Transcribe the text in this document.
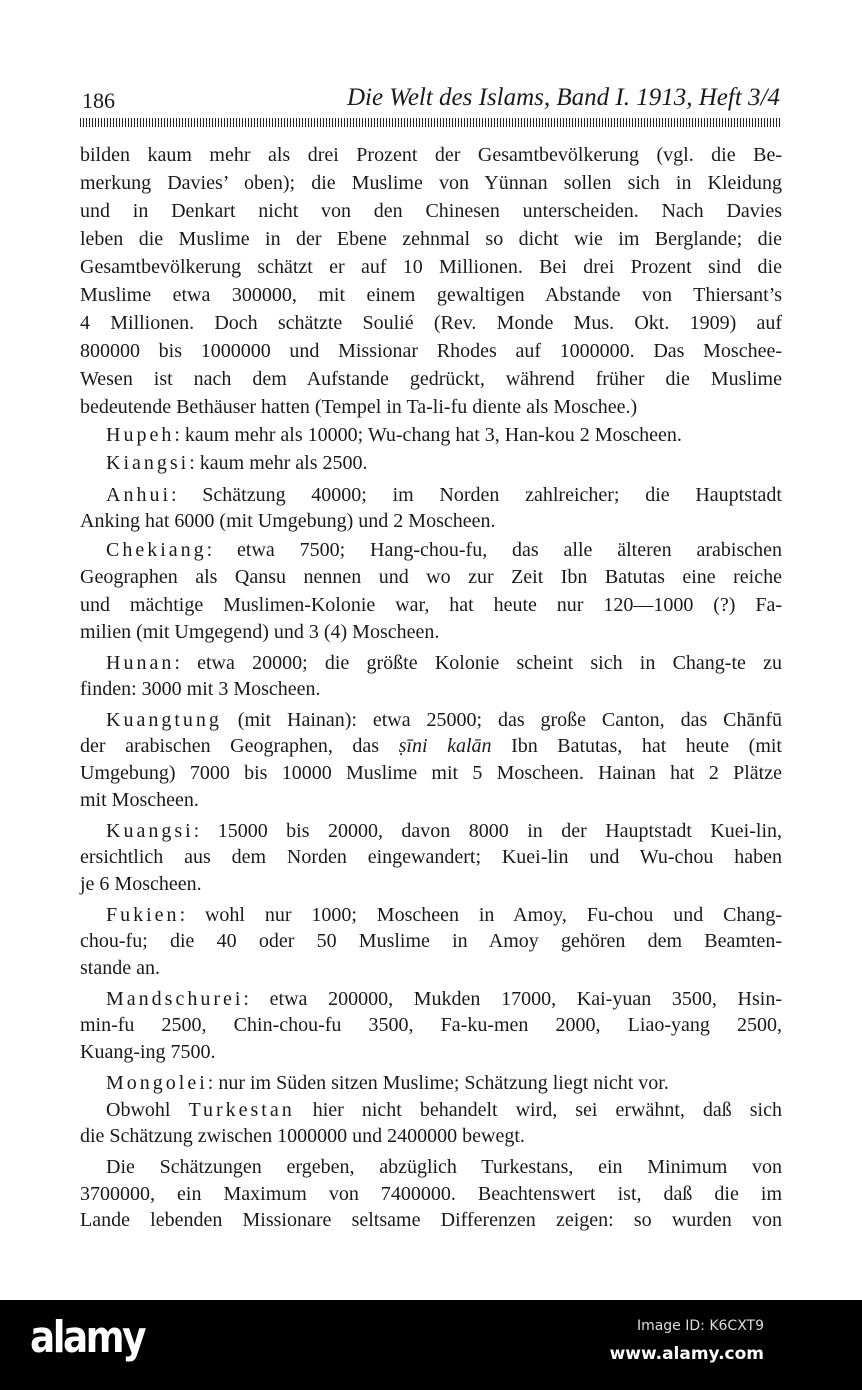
186	Die Welt des Islams, Band I. 1913, Heft 3/4
bilden kaum mehr als drei Prozent der Gesamtbevölkerung (vgl. die Be-
merkung Davies’ oben); die Muslime von Yünnan sollen sich in Kleidung
und in Denkart nicht von den Chinesen unterscheiden. Nach Davies
leben die Muslime in der Ebene zehnmal so dicht wie im Berglande; die
Gesamtbevölkerung schätzt er auf 10 Millionen. Bei drei Prozent sind die
Muslime etwa 300000, mit einem gewaltigen Abstande von Thiersant’s
4 Millionen. Doch schätzte Soulié (Rev. Monde Mus. Okt. 1909) auf
800000 bis 1000000 und Missionar Rhodes auf 1000000. Das Moschee-
Wesen ist nach dem Aufstande gedrückt, während früher die Muslime
bedeutende Bethäuser hatten (Tempel in Ta-li-fu diente als Moschee.)
Hupeh: kaum mehr als 10000; Wu-chang hat 3, Han-kou 2 Moscheen.
Kiangsi: kaum mehr als 2500.
Anhui: Schätzung 40000; im Norden zahlreicher; die Hauptstadt
Anking hat 6000 (mit Umgebung) und 2 Moscheen.
Chekiang: etwa 7500; Hang-chou-fu, das alle älteren arabischen
Geographen als Qansu nennen und wo zur Zeit Ibn Batutas eine reiche
und mächtige Muslimen-Kolonie war, hat heute nur 120—1000 (?) Fa-
milien (mit Umgegend) und 3 (4) Moscheen.
Hunan: etwa 20000; die größte Kolonie scheint sich in Chang-te zu
finden: 3000 mit 3 Moscheen.
Kuangtung (mit Hainan): etwa 25000; das große Canton, das Chānfū
der arabischen Geographen, das ṣīni kalān Ibn Batutas, hat heute (mit
Umgebung) 7000 bis 10000 Muslime mit 5 Moscheen. Hainan hat 2 Plätze
mit Moscheen.
Kuangsi: 15000 bis 20000, davon 8000 in der Hauptstadt Kuei-lin,
ersichtlich aus dem Norden eingewandert; Kuei-lin und Wu-chou haben
je 6 Moscheen.
Fukien: wohl nur 1000; Moscheen in Amoy, Fu-chou und Chang-
chou-fu; die 40 oder 50 Muslime in Amoy gehören dem Beamten-
stande an.
Mandschurei: etwa 200000, Mukden 17000, Kai-yuan 3500, Hsin-
min-fu 2500, Chin-chou-fu 3500, Fa-ku-men 2000, Liao-yang 2500,
Kuang-ing 7500.
Mongolei: nur im Süden sitzen Muslime; Schätzung liegt nicht vor.
Obwohl Turkestan hier nicht behandelt wird, sei erwähnt, daß sich
die Schätzung zwischen 1000000 und 2400000 bewegt.
Die Schätzungen ergeben, abzüglich Turkestans, ein Minimum von
3700000, ein Maximum von 7400000. Beachtenswert ist, daß die im
Lande lebenden Missionare seltsame Differenzen zeigen: so wurden von
alamy	Image ID: K6CXT9
www.alamy.com
